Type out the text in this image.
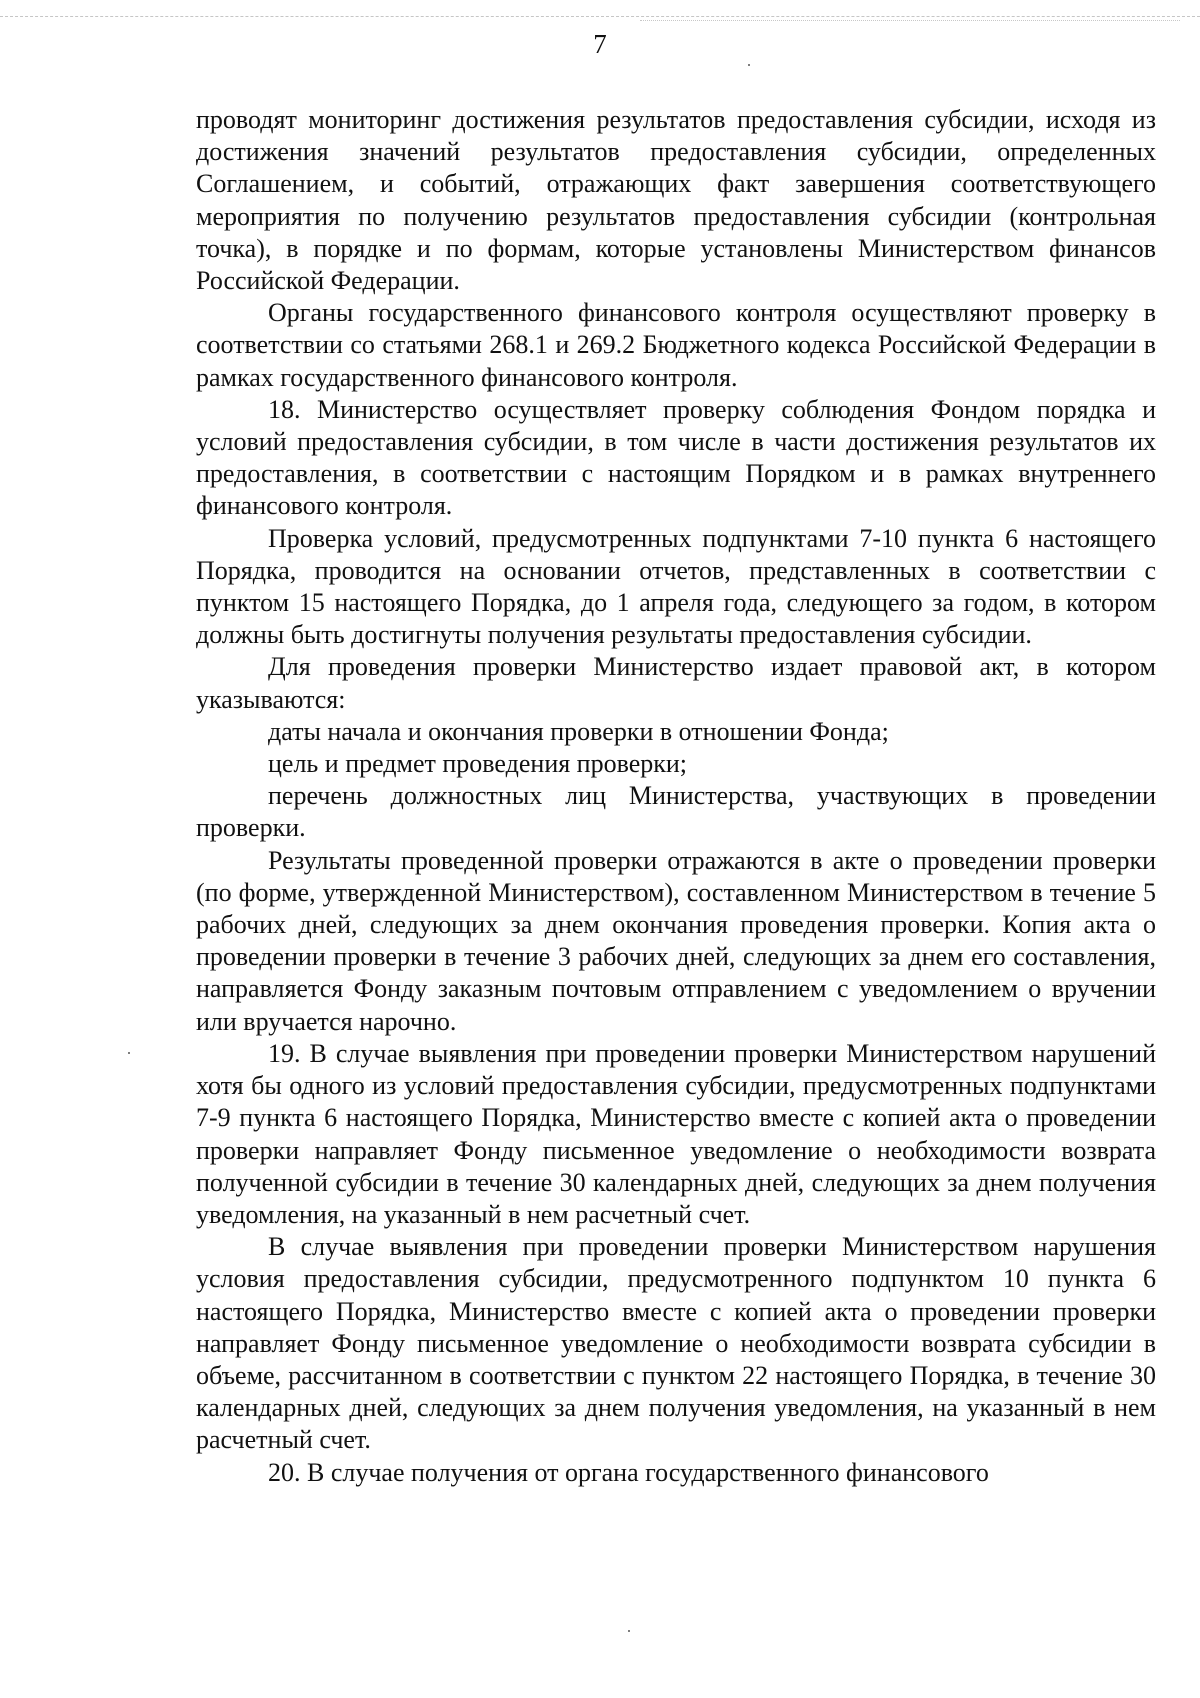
7

проводят мониторинг достижения результатов предоставления субсидии, исходя из достижения значений результатов предоставления субсидии, определенных Соглашением, и событий, отражающих факт завершения соответствующего мероприятия по получению результатов предоставления субсидии (контрольная точка), в порядке и по формам, которые установлены Министерством финансов Российской Федерации.

Органы государственного финансового контроля осуществляют проверку в соответствии со статьями 268.1 и 269.2 Бюджетного кодекса Российской Федерации в рамках государственного финансового контроля.

18. Министерство осуществляет проверку соблюдения Фондом порядка и условий предоставления субсидии, в том числе в части достижения результатов их предоставления, в соответствии с настоящим Порядком и в рамках внутреннего финансового контроля.

Проверка условий, предусмотренных подпунктами 7-10 пункта 6 настоящего Порядка, проводится на основании отчетов, представленных в соответствии с пунктом 15 настоящего Порядка, до 1 апреля года, следующего за годом, в котором должны быть достигнуты получения результаты предоставления субсидии.

Для проведения проверки Министерство издает правовой акт, в котором указываются:

даты начала и окончания проверки в отношении Фонда;

цель и предмет проведения проверки;

перечень должностных лиц Министерства, участвующих в проведении проверки.

Результаты проведенной проверки отражаются в акте о проведении проверки (по форме, утвержденной Министерством), составленном Министерством в течение 5 рабочих дней, следующих за днем окончания проведения проверки. Копия акта о проведении проверки в течение 3 рабочих дней, следующих за днем его составления, направляется Фонду заказным почтовым отправлением с уведомлением о вручении или вручается нарочно.

19. В случае выявления при проведении проверки Министерством нарушений хотя бы одного из условий предоставления субсидии, предусмотренных подпунктами 7-9 пункта 6 настоящего Порядка, Министерство вместе с копией акта о проведении проверки направляет Фонду письменное уведомление о необходимости возврата полученной субсидии в течение 30 календарных дней, следующих за днем получения уведомления, на указанный в нем расчетный счет.

В случае выявления при проведении проверки Министерством нарушения условия предоставления субсидии, предусмотренного подпунктом 10 пункта 6 настоящего Порядка, Министерство вместе с копией акта о проведении проверки направляет Фонду письменное уведомление о необходимости возврата субсидии в объеме, рассчитанном в соответствии с пунктом 22 настоящего Порядка, в течение 30 календарных дней, следующих за днем получения уведомления, на указанный в нем расчетный счет.

20. В случае получения от органа государственного финансового
